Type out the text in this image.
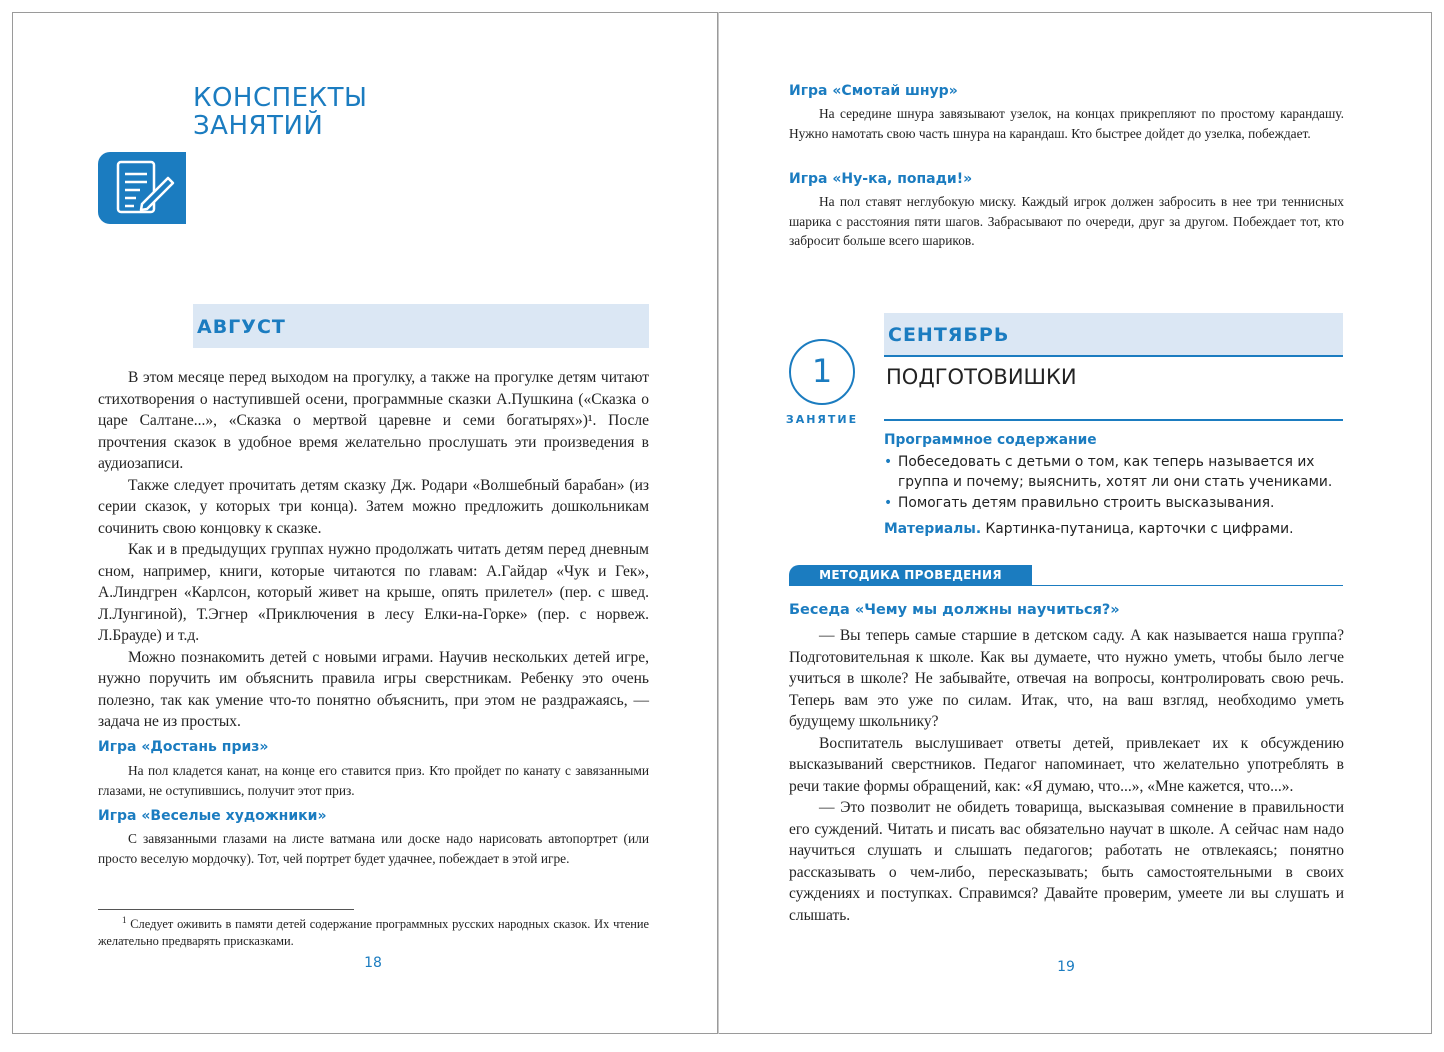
КОНСПЕКТЫ
ЗАНЯТИЙ
АВГУСТ

В этом месяце перед выходом на прогулку, а также на прогулке детям читают стихотворения о наступившей осени, программные сказки А.Пушкина («Сказка о царе Салтане...», «Сказка о мертвой царевне и семи богатырях»)¹. После прочтения сказок в удобное время желательно прослушать эти произведения в аудиозаписи.

Также следует прочитать детям сказку Дж. Родари «Волшебный барабан» (из серии сказок, у которых три конца). Затем можно предложить дошкольникам сочинить свою концовку к сказке.

Как и в предыдущих группах нужно продолжать читать детям перед дневным сном, например, книги, которые читаются по главам: А.Гайдар «Чук и Гек», А.Линдгрен «Карлсон, который живет на крыше, опять прилетел» (пер. с швед. Л.Лунгиной), Т.Эгнер «Приключения в лесу Елки-на-Горке» (пер. с норвеж. Л.Брауде) и т.д.

Можно познакомить детей с новыми играми. Научив нескольких детей игре, нужно поручить им объяснить правила игры сверстникам. Ребенку это очень полезно, так как умение что-то понятно объяснить, при этом не раздражаясь, — задача не из простых.

Игра «Достань приз»

На пол кладется канат, на конце его ставится приз. Кто пройдет по канату с завязанными глазами, не оступившись, получит этот приз.

Игра «Веселые художники»

С завязанными глазами на листе ватмана или доске надо нарисовать автопортрет (или просто веселую мордочку). Тот, чей портрет будет удачнее, побеждает в этой игре.

$^1$ Следует оживить в памяти детей содержание программных русских народных сказок. Их чтение желательно предварять присказками.
18
Игра «Смотай шнур»

На середине шнура завязывают узелок, на концах прикрепляют по простому карандашу. Нужно намотать свою часть шнура на карандаш. Кто быстрее дойдет до узелка, побеждает.

Игра «Ну-ка, попади!»

На пол ставят неглубокую миску. Каждый игрок должен забросить в нее три теннисных шарика с расстояния пяти шагов. Забрасывают по очереди, друг за другом. Побеждает тот, кто забросит больше всего шариков.

СЕНТЯБРЬ
1
ЗАНЯТИЕ
ПОДГОТОВИШКИ
Программное содержание
• Побеседовать с детьми о том, как теперь называется их группа и почему; выяснить, хотят ли они стать учениками.
• Помогать детям правильно строить высказывания.
Материалы. Картинка-путаница, карточки с цифрами.
МЕТОДИКА ПРОВЕДЕНИЯ
Беседа «Чему мы должны научиться?»

— Вы теперь самые старшие в детском саду. А как называется наша группа? Подготовительная к школе. Как вы думаете, что нужно уметь, чтобы было легче учиться в школе? Не забывайте, отвечая на вопросы, контролировать свою речь. Теперь вам это уже по силам. Итак, что, на ваш взгляд, необходимо уметь будущему школьнику?

Воспитатель выслушивает ответы детей, привлекает их к обсуждению высказываний сверстников. Педагог напоминает, что желательно употреблять в речи такие формы обращений, как: «Я думаю, что...», «Мне кажется, что...».

— Это позволит не обидеть товарища, высказывая сомнение в правильности его суждений. Читать и писать вас обязательно научат в школе. А сейчас нам надо научиться слушать и слышать педагогов; работать не отвлекаясь; понятно рассказывать о чем-либо, пересказывать; быть самостоятельными в своих суждениях и поступках. Справимся? Давайте проверим, умеете ли вы слушать и слышать.

19
